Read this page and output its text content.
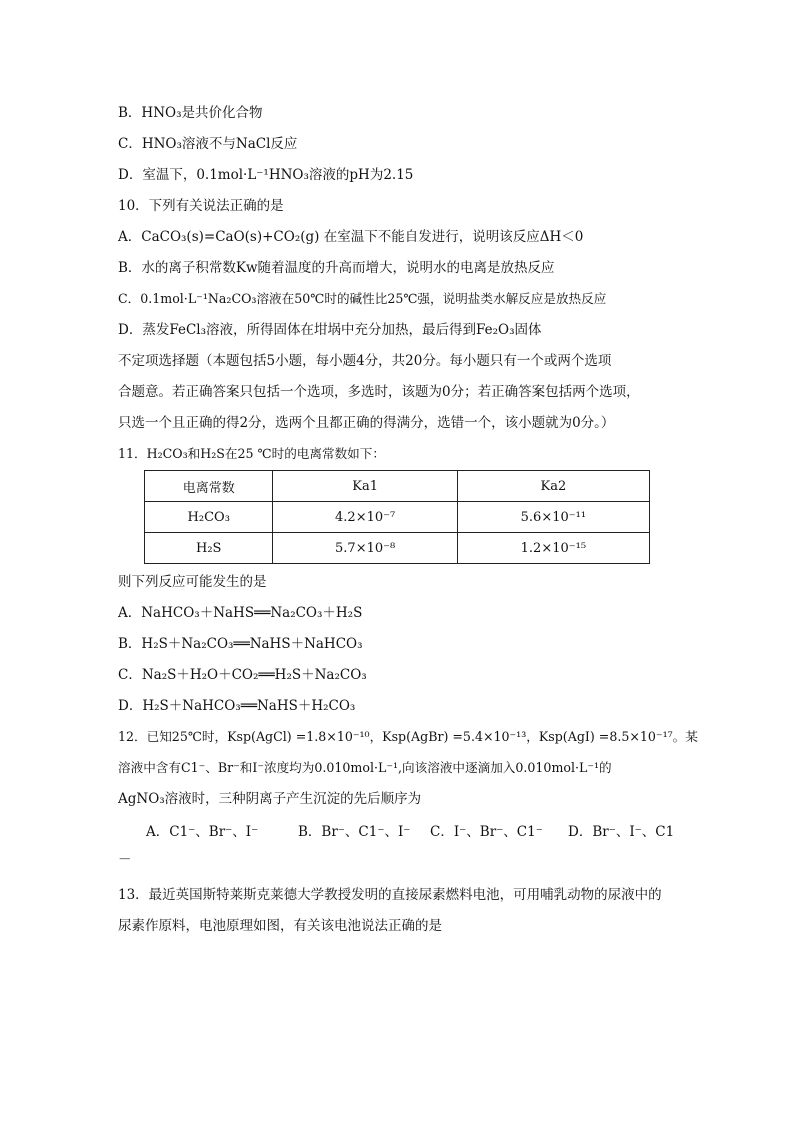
B．HNO₃是共价化合物
C．HNO₃溶液不与NaCl反应
D．室温下，0.1mol·L⁻¹HNO₃溶液的pH为2.15
10．下列有关说法正确的是
A．CaCO₃(s)=CaO(s)+CO₂(g) 在室温下不能自发进行，说明该反应ΔH＜0
B．水的离子积常数Kw随着温度的升高而增大，说明水的电离是放热反应
C．0.1mol·L⁻¹Na₂CO₃溶液在50℃时的碱性比25℃强，说明盐类水解反应是放热反应
D．蒸发FeCl₃溶液，所得固体在坩埚中充分加热，最后得到Fe₂O₃固体
不定项选择题（本题包括5小题，每小题4分，共20分。每小题只有一个或两个选项
合题意。若正确答案只包括一个选项，多选时，该题为0分；若正确答案包括两个选项，
只选一个且正确的得2分，选两个且都正确的得满分，选错一个，该小题就为0分。）
11．H₂CO₃和H₂S在25 ℃时的电离常数如下：
电离常数	Ka1	Ka2
H₂CO₃	4.2×10⁻⁷	5.6×10⁻¹¹
H₂S	5.7×10⁻⁸	1.2×10⁻¹⁵
则下列反应可能发生的是
A．NaHCO₃＋NaHS══Na₂CO₃＋H₂S
B．H₂S＋Na₂CO₃══NaHS＋NaHCO₃
C．Na₂S＋H₂O＋CO₂══H₂S＋Na₂CO₃
D．H₂S＋NaHCO₃══NaHS＋H₂CO₃
12．已知25℃时，Ksp(AgCl) =1.8×10⁻¹⁰，Ksp(AgBr) =5.4×10⁻¹³，Ksp(AgI) =8.5×10⁻¹⁷。某
溶液中含有C1⁻、Br⁻和I⁻浓度均为0.010mol·L⁻¹,向该溶液中逐滴加入0.010mol·L⁻¹的
AgNO₃溶液时，三种阴离子产生沉淀的先后顺序为
A．C1⁻、Br⁻、I⁻	B．Br⁻、C1⁻、I⁻ C．I⁻、Br⁻、C1⁻ D．Br⁻、I⁻、C1
－
13．最近英国斯特莱斯克莱德大学教授发明的直接尿素燃料电池，可用哺乳动物的尿液中的
尿素作原料，电池原理如图，有关该电池说法正确的是
